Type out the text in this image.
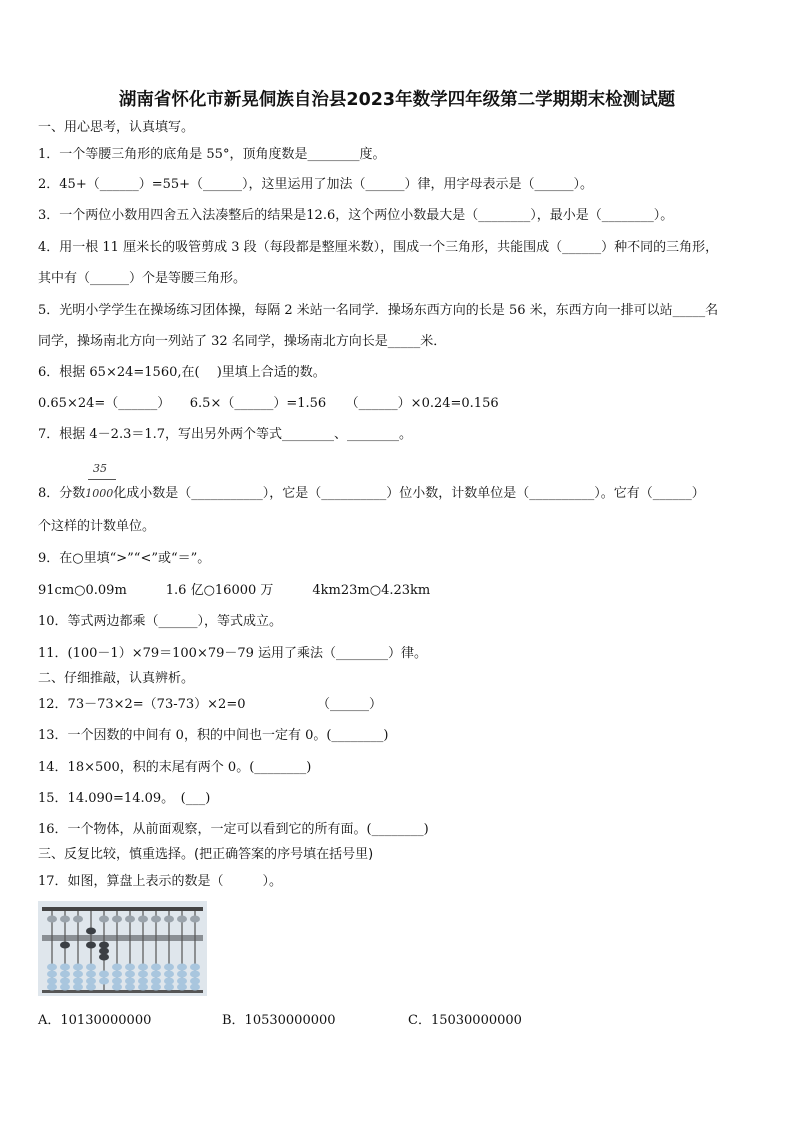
湖南省怀化市新晃侗族自治县2023年数学四年级第二学期期末检测试题
一、用心思考，认真填写。
1．一个等腰三角形的底角是 55°，顶角度数是________度。
2．45+（______）=55+（______），这里运用了加法（______）律，用字母表示是（______）。
3．一个两位小数用四舍五入法凑整后的结果是12.6，这个两位小数最大是（________），最小是（________）。
4．用一根 11 厘米长的吸管剪成 3 段（每段都是整厘米数），围成一个三角形，共能围成（______）种不同的三角形，
其中有（______）个是等腰三角形。
5．光明小学学生在操场练习团体操，每隔 2 米站一名同学．操场东西方向的长是 56 米，东西方向一排可以站_____名
同学，操场南北方向一列站了 32 名同学，操场南北方向长是_____米．
6．根据 65×24=1560,在(　 )里填上合适的数。
0.65×24=（______）　　6.5×（______）=1.56　　（______）×0.24=0.156
7．根据 4－2.3＝1.7，写出另外两个等式________、________。
35
8．分数1000化成小数是（___________），它是（__________）位小数，计数单位是（__________）。它有（______）
个这样的计数单位。
9．在○里填“>”“<”或“＝”。
91cm○0.09m　　　1.6 亿○16000 万　　　4km23m○4.23km
10．等式两边都乘（______），等式成立。
11．(100－1）×79＝100×79－79 运用了乘法（________）律。
二、仔细推敲，认真辨析。
12．73－73×2=（73-73）×2=0　　　　　　（______）
13．一个因数的中间有 0，积的中间也一定有 0。(________)
14．18×500，积的末尾有两个 0。(________)
15．14.090=14.09。　(___)
16．一个物体，从前面观察，一定可以看到它的所有面。(________)
三、反复比较，慎重选择。(把正确答案的序号填在括号里)
17．如图，算盘上表示的数是（　　　）。
A．10130000000	B．10530000000	C．15030000000
